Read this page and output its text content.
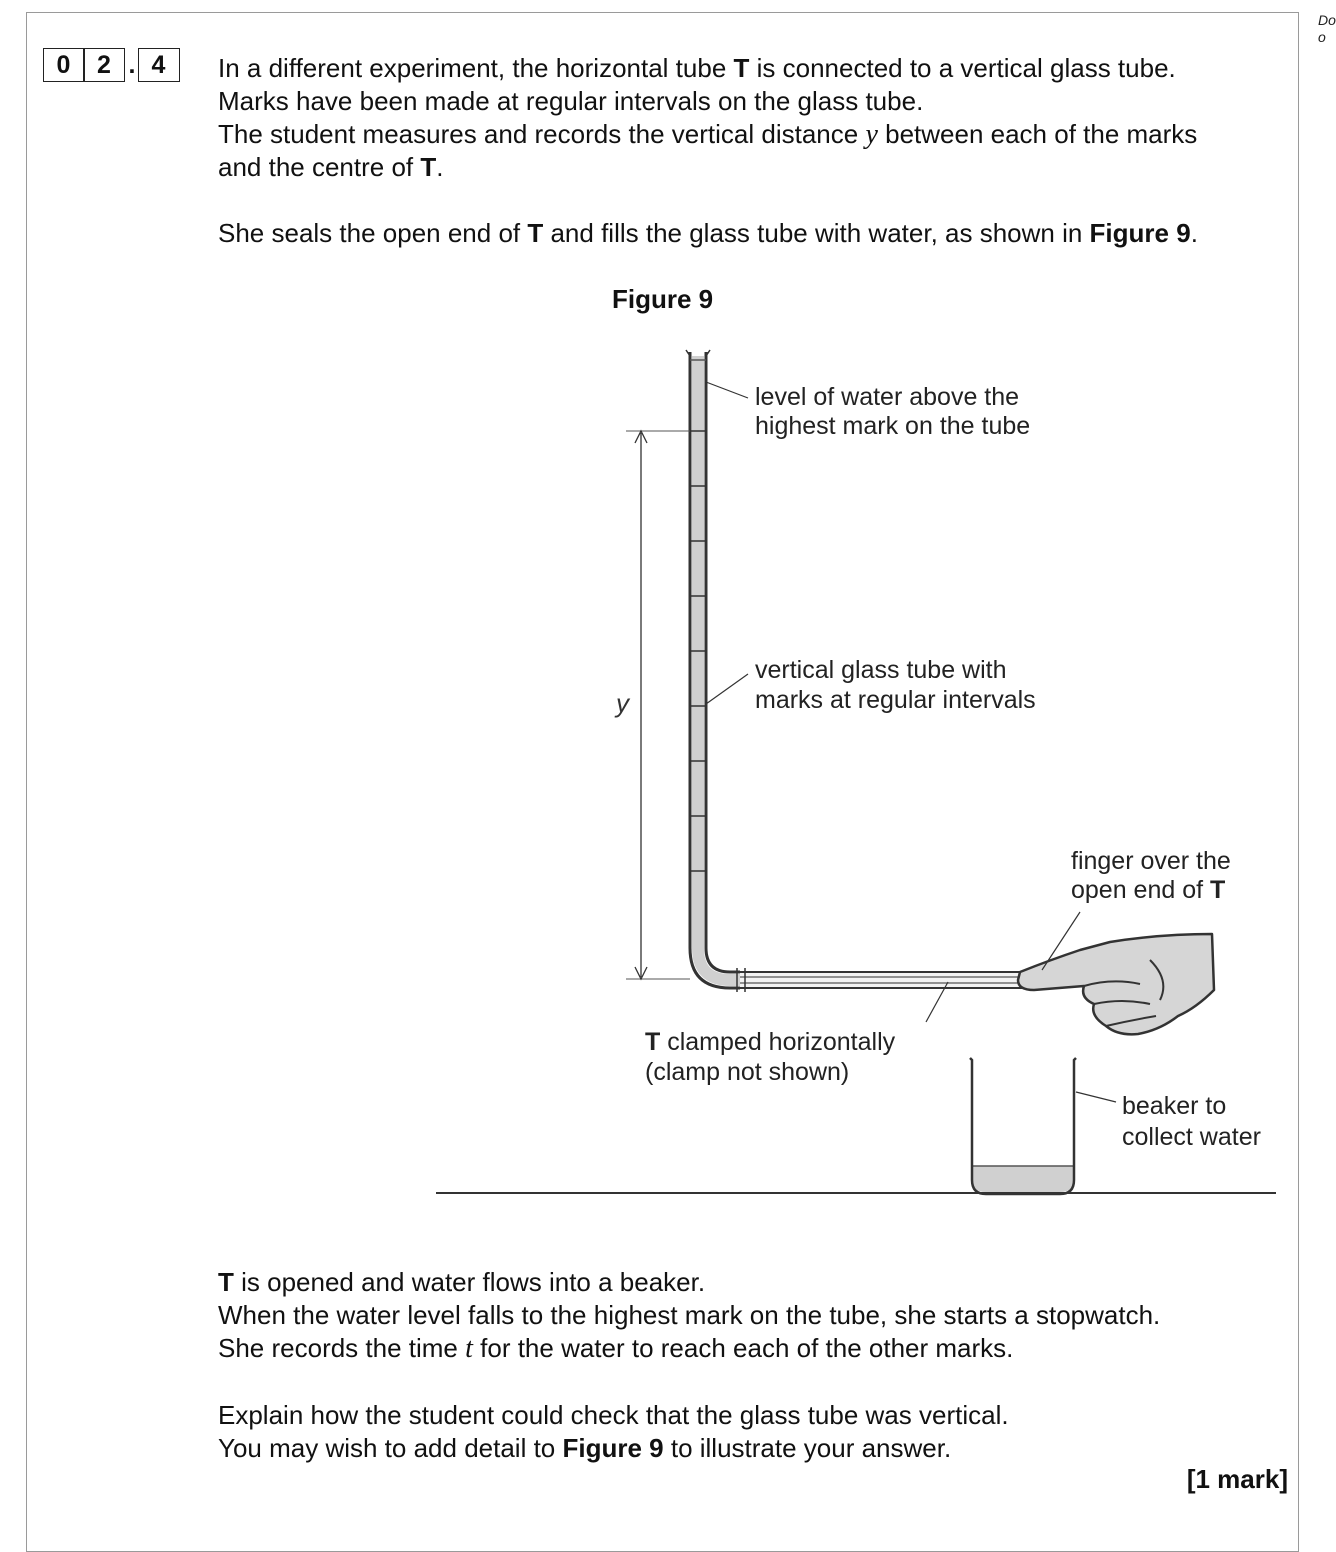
Do
o
0	2 . 4	In a different experiment, the horizontal tube T is connected to a vertical glass tube.
Marks have been made at regular intervals on the glass tube.
The student measures and records the vertical distance y between each of the marks
and the centre of T.

She seals the open end of T and fills the glass tube with water, as shown in Figure 9.

Figure 9
y
level of water above the
highest mark on the tube
vertical glass tube with
marks at regular intervals
finger over the
open end of T
T clamped horizontally
(clamp not shown)
beaker to
collect water

T is opened and water flows into a beaker.
When the water level falls to the highest mark on the tube, she starts a stopwatch.
She records the time t for the water to reach each of the other marks.

Explain how the student could check that the glass tube was vertical.
You may wish to add detail to Figure 9 to illustrate your answer.

[1 mark]
